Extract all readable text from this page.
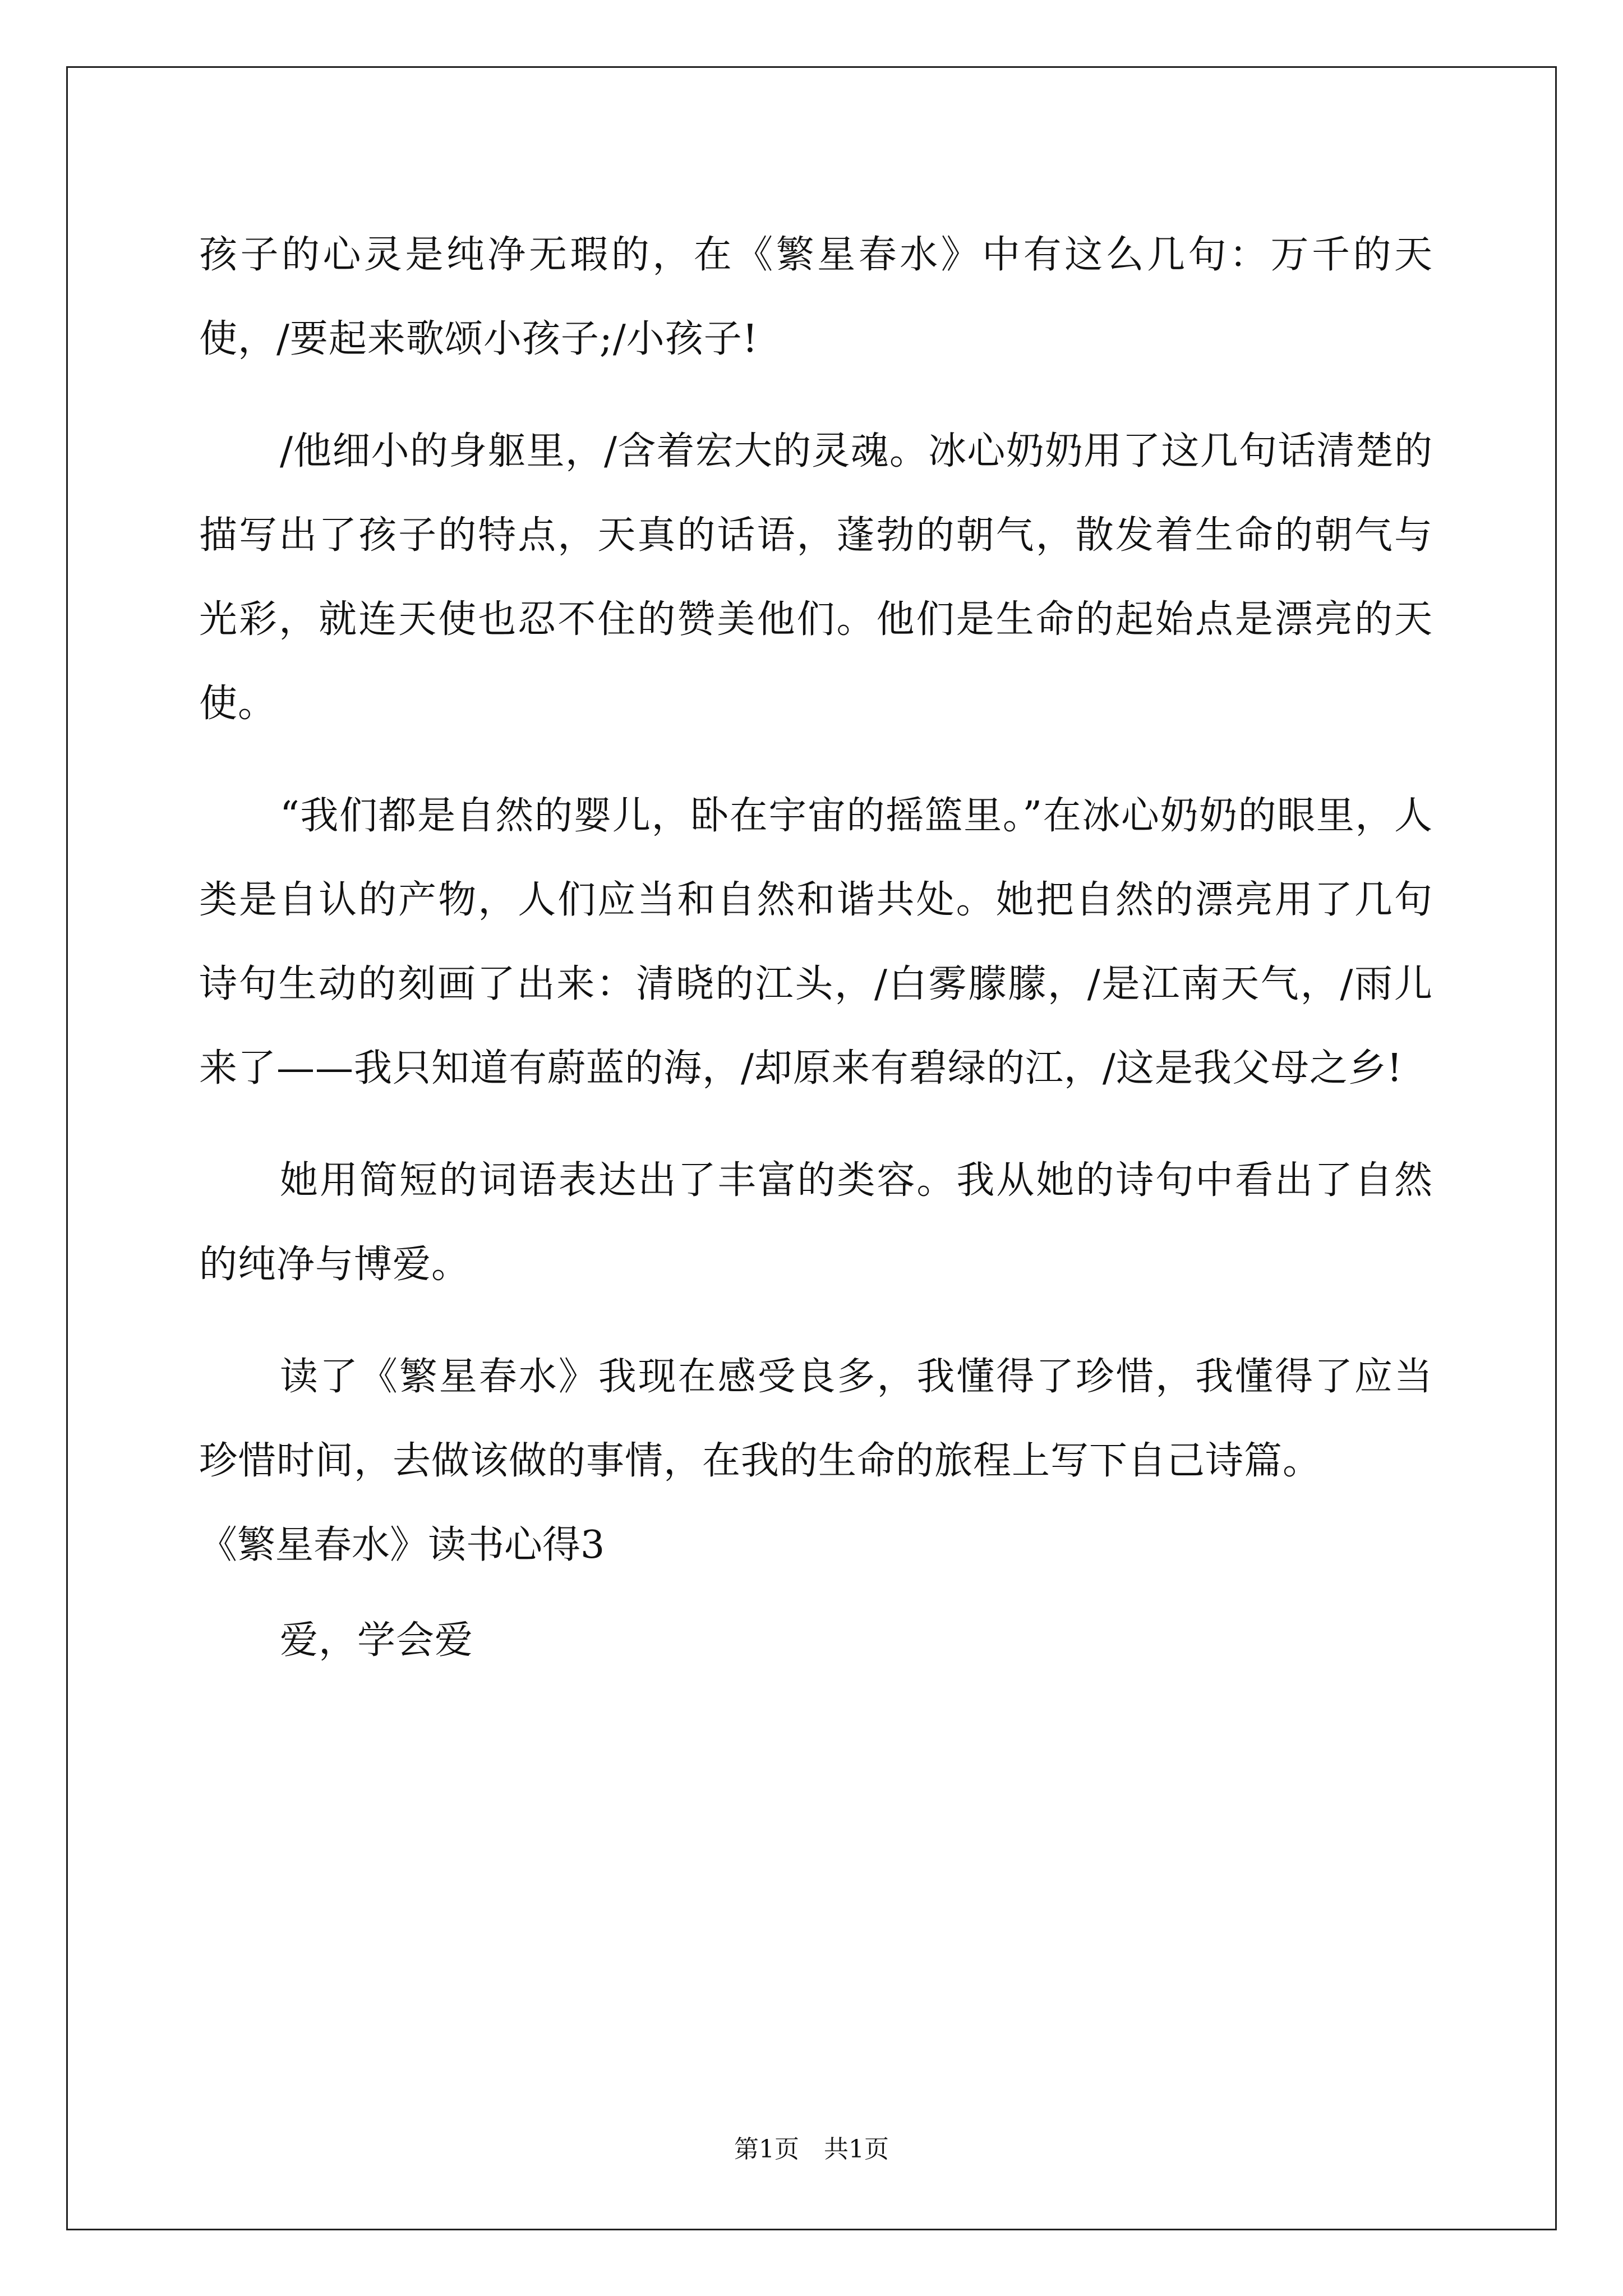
孩子的心灵是纯净无瑕的，在《繁星春水》中有这么几句：万千的天使，/要起来歌颂小孩子;/小孩子!

/他细小的身躯里，/含着宏大的灵魂。冰心奶奶用了这几句话清楚的描写出了孩子的特点，天真的话语，蓬勃的朝气，散发着生命的朝气与光彩，就连天使也忍不住的赞美他们。他们是生命的起始点是漂亮的天使。

“我们都是自然的婴儿，卧在宇宙的摇篮里。”在冰心奶奶的眼里，人类是自认的产物，人们应当和自然和谐共处。她把自然的漂亮用了几句诗句生动的刻画了出来：清晓的江头，/白雾朦朦，/是江南天气，/雨儿来了——我只知道有蔚蓝的海，/却原来有碧绿的江，/这是我父母之乡!

她用简短的词语表达出了丰富的类容。我从她的诗句中看出了自然的纯净与博爱。

读了《繁星春水》我现在感受良多，我懂得了珍惜，我懂得了应当珍惜时间，去做该做的事情，在我的生命的旅程上写下自己诗篇。

《繁星春水》读书心得3

爱，学会爱

第1页　共1页
